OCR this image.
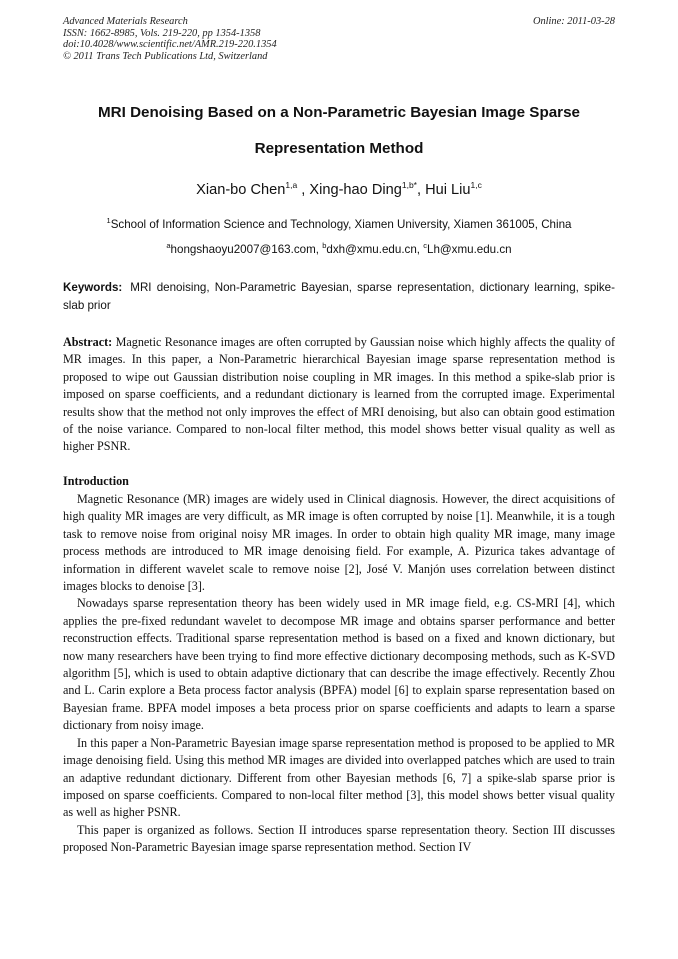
Advanced Materials Research
ISSN: 1662-8985, Vols. 219-220, pp 1354-1358
doi:10.4028/www.scientific.net/AMR.219-220.1354
© 2011 Trans Tech Publications Ltd, Switzerland
Online: 2011-03-28
MRI Denoising Based on a Non-Parametric Bayesian Image Sparse
Representation Method
Xian-bo Chen$^{1,a}$ , Xing-hao Ding$^{1,b*}$, Hui Liu$^{1,c}$
$^1$School of Information Science and Technology, Xiamen University, Xiamen 361005, China
$^a$hongshaoyu2007@163.com, $^b$dxh@xmu.edu.cn, $^c$Lh@xmu.edu.cn
Keywords: MRI denoising, Non-Parametric Bayesian, sparse representation, dictionary learning, spike-slab prior
Abstract: Magnetic Resonance images are often corrupted by Gaussian noise which highly affects the quality of MR images. In this paper, a Non-Parametric hierarchical Bayesian image sparse representation method is proposed to wipe out Gaussian distribution noise coupling in MR images. In this method a spike-slab prior is imposed on sparse coefficients, and a redundant dictionary is learned from the corrupted image. Experimental results show that the method not only improves the effect of MRI denoising, but also can obtain good estimation of the noise variance. Compared to non-local filter method, this model shows better visual quality as well as higher PSNR.
Introduction

Magnetic Resonance (MR) images are widely used in Clinical diagnosis. However, the direct acquisitions of high quality MR images are very difficult, as MR image is often corrupted by noise [1]. Meanwhile, it is a tough task to remove noise from original noisy MR images. In order to obtain high quality MR image, many image process methods are introduced to MR image denoising field. For example, A. Pizurica takes advantage of information in different wavelet scale to remove noise [2], José V. Manjón uses correlation between distinct images blocks to denoise [3].

Nowadays sparse representation theory has been widely used in MR image field, e.g. CS-MRI [4], which applies the pre-fixed redundant wavelet to decompose MR image and obtains sparser performance and better reconstruction effects. Traditional sparse representation method is based on a fixed and known dictionary, but now many researchers have been trying to find more effective dictionary decomposing methods, such as K-SVD algorithm [5], which is used to obtain adaptive dictionary that can describe the image effectively. Recently Zhou and L. Carin explore a Beta process factor analysis (BPFA) model [6] to explain sparse representation based on Bayesian frame. BPFA model imposes a beta process prior on sparse coefficients and adapts to learn a sparse dictionary from noisy image.

In this paper a Non-Parametric Bayesian image sparse representation method is proposed to be applied to MR image denoising field. Using this method MR images are divided into overlapped patches which are used to train an adaptive redundant dictionary. Different from other Bayesian methods [6, 7] a spike-slab sparse prior is imposed on sparse coefficients. Compared to non-local filter method [3], this model shows better visual quality as well as higher PSNR.

This paper is organized as follows. Section II introduces sparse representation theory. Section III discusses proposed Non-Parametric Bayesian image sparse representation method. Section IV
